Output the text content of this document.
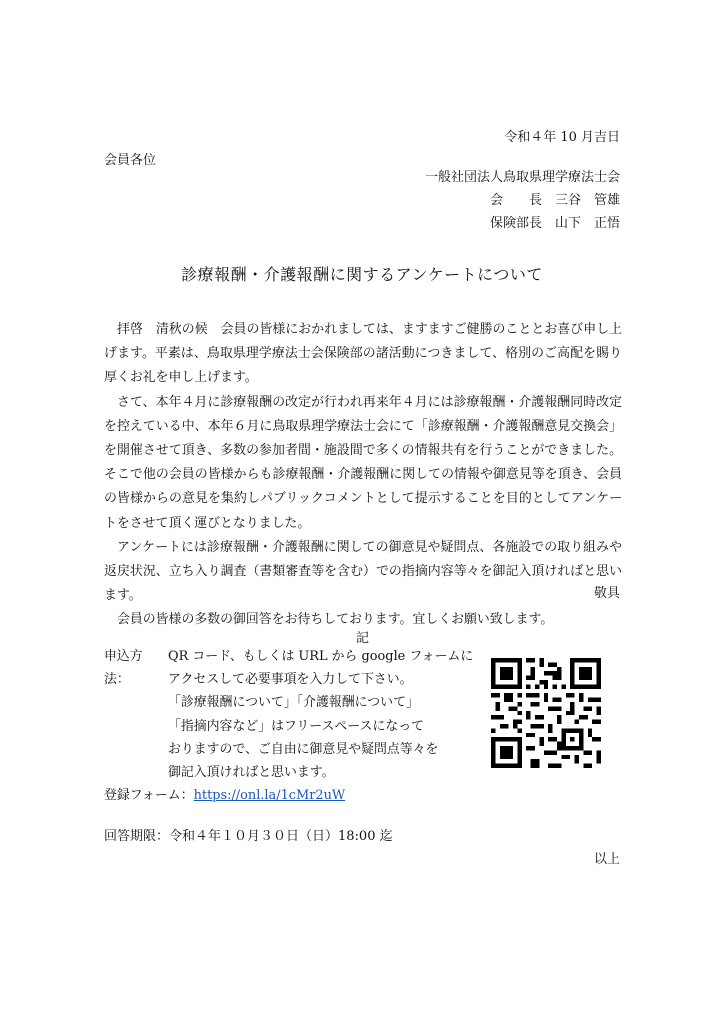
令和４年 10 月吉日
会員各位
一般社団法人鳥取県理学療法士会
会　　長　三谷　管雄
保険部長　山下　正悟
診療報酬・介護報酬に関するアンケートについて

拝啓　清秋の候　会員の皆様におかれましては、ますますご健勝のこととお喜び申し上げます。平素は、鳥取県理学療法士会保険部の諸活動につきまして、格別のご高配を賜り厚くお礼を申し上げます。

さて、本年４月に診療報酬の改定が行われ再来年４月には診療報酬・介護報酬同時改定を控えている中、本年６月に鳥取県理学療法士会にて「診療報酬・介護報酬意見交換会」を開催させて頂き、多数の参加者間・施設間で多くの情報共有を行うことができました。そこで他の会員の皆様からも診療報酬・介護報酬に関しての情報や御意見等を頂き、会員の皆様からの意見を集約しパブリックコメントとして提示することを目的としてアンケートをさせて頂く運びとなりました。

アンケートには診療報酬・介護報酬に関しての御意見や疑問点、各施設での取り組みや返戻状況、立ち入り調査（書類審査等を含む）での指摘内容等々を御記入頂ければと思います。

会員の皆様の多数の御回答をお待ちしております。宜しくお願い致します。

敬具
記
申込方法：
QR コード、もしくは URL から google フォームに
アクセスして必要事項を入力して下さい。
「診療報酬について」「介護報酬について」
「指摘内容など」はフリースペースになって
おりますので、ご自由に御意見や疑問点等々を
御記入頂ければと思います。
登録フォーム：https://onl.la/1cMr2uW
回答期限：令和４年１０月３０日（日）18:00 迄
以上
